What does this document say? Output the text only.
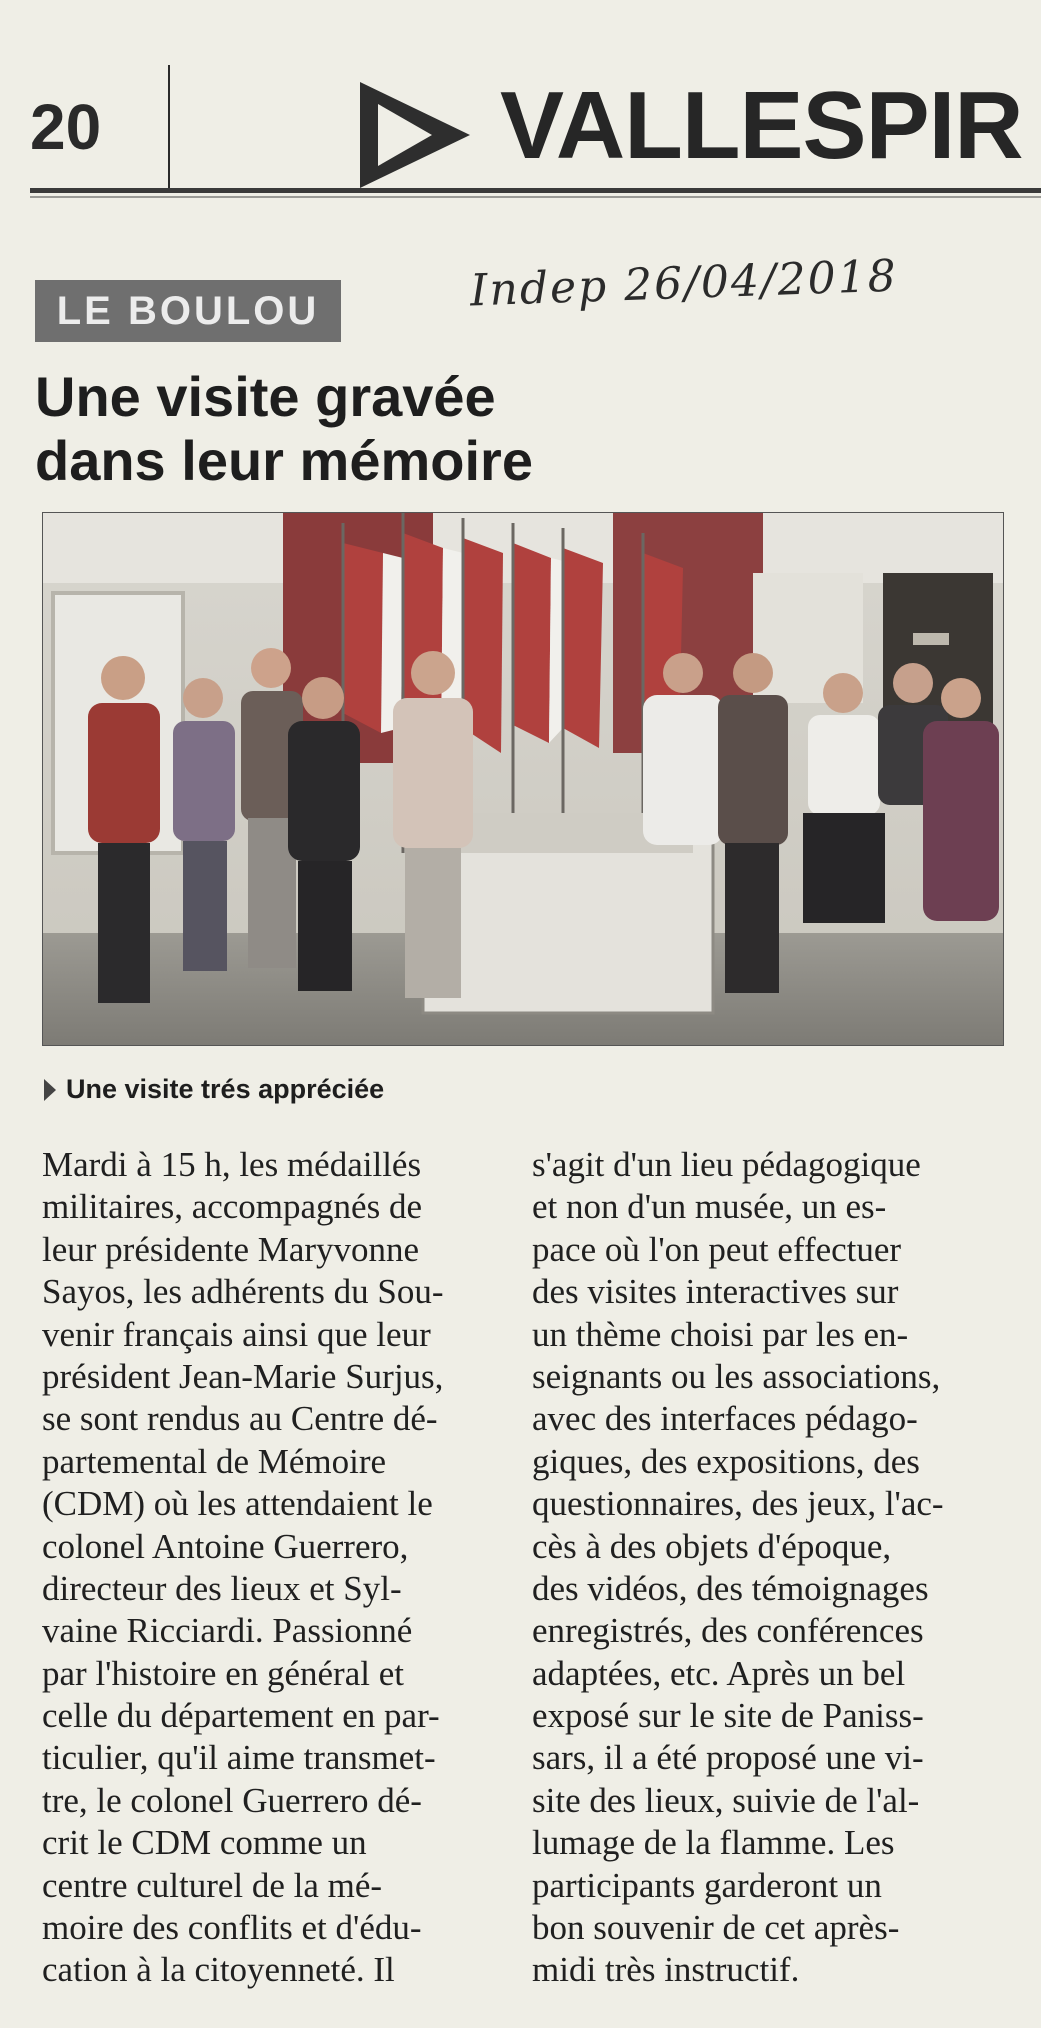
20	VALLESPIR
LE BOULOU	Indep 26/04/2018
Une visite gravée
dans leur mémoire
Une visite trés appréciée
Mardi à 15 h, les médaillés
militaires, accompagnés de
leur présidente Maryvonne
Sayos, les adhérents du Sou-
venir français ainsi que leur
président Jean-Marie Surjus,
se sont rendus au Centre dé-
partemental de Mémoire
(CDM) où les attendaient le
colonel Antoine Guerrero,
directeur des lieux et Syl-
vaine Ricciardi. Passionné
par l'histoire en général et
celle du département en par-
ticulier, qu'il aime transmet-
tre, le colonel Guerrero dé-
crit le CDM comme un
centre culturel de la mé-
moire des conflits et d'édu-
cation à la citoyenneté. Il
s'agit d'un lieu pédagogique
et non d'un musée, un es-
pace où l'on peut effectuer
des visites interactives sur
un thème choisi par les en-
seignants ou les associations,
avec des interfaces pédago-
giques, des expositions, des
questionnaires, des jeux, l'ac-
cès à des objets d'époque,
des vidéos, des témoignages
enregistrés, des conférences
adaptées, etc. Après un bel
exposé sur le site de Paniss-
sars, il a été proposé une vi-
site des lieux, suivie de l'al-
lumage de la flamme. Les
participants garderont un
bon souvenir de cet après-
midi très instructif.
